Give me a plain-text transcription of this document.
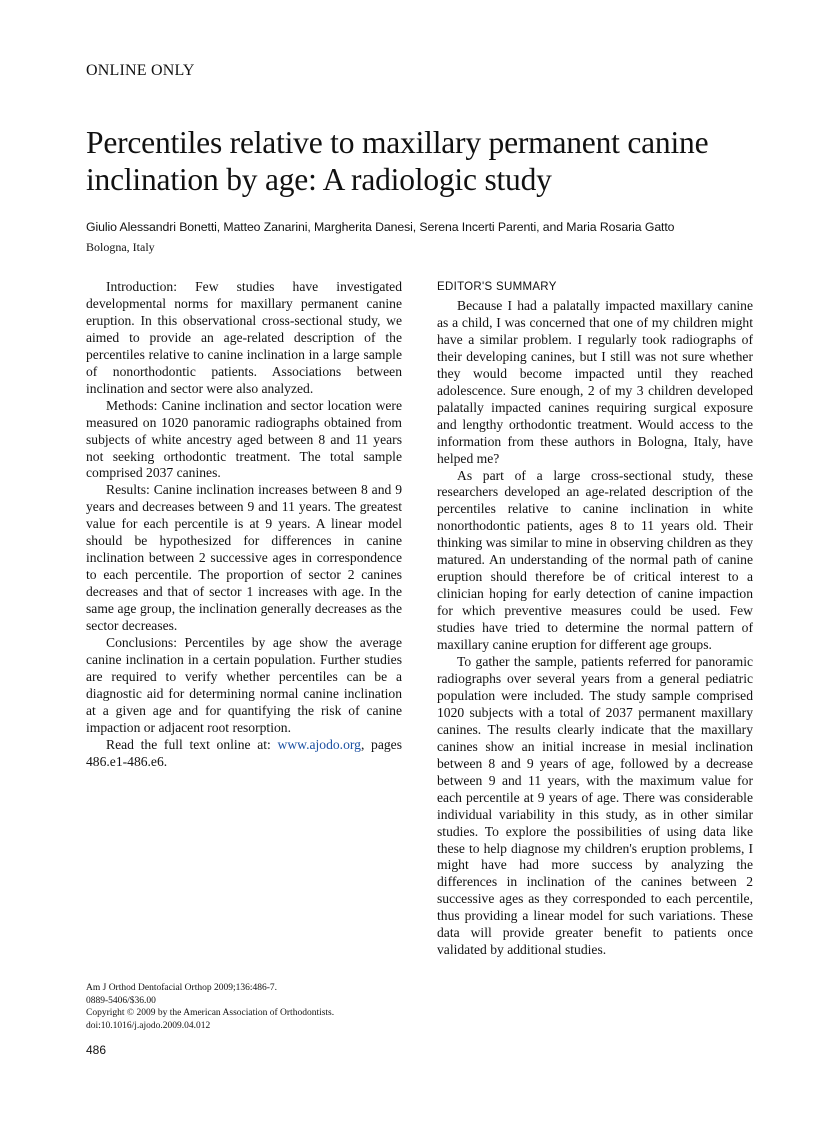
ONLINE ONLY
Percentiles relative to maxillary permanent canine inclination by age: A radiologic study
Giulio Alessandri Bonetti, Matteo Zanarini, Margherita Danesi, Serena Incerti Parenti, and Maria Rosaria Gatto
Bologna, Italy

Introduction: Few studies have investigated developmental norms for maxillary permanent canine eruption. In this observational cross-sectional study, we aimed to provide an age-related description of the percentiles relative to canine inclination in a large sample of nonorthodontic patients. Associations between inclination and sector were also analyzed.

Methods: Canine inclination and sector location were measured on 1020 panoramic radiographs obtained from subjects of white ancestry aged between 8 and 11 years not seeking orthodontic treatment. The total sample comprised 2037 canines.

Results: Canine inclination increases between 8 and 9 years and decreases between 9 and 11 years. The greatest value for each percentile is at 9 years. A linear model should be hypothesized for differences in canine inclination between 2 successive ages in correspondence to each percentile. The proportion of sector 2 canines decreases and that of sector 1 increases with age. In the same age group, the inclination generally decreases as the sector decreases.

Conclusions: Percentiles by age show the average canine inclination in a certain population. Further studies are required to verify whether percentiles can be a diagnostic aid for determining normal canine inclination at a given age and for quantifying the risk of canine impaction or adjacent root resorption.

Read the full text online at: www.ajodo.org, pages 486.e1-486.e6.

EDITOR'S SUMMARY

Because I had a palatally impacted maxillary canine as a child, I was concerned that one of my children might have a similar problem. I regularly took radiographs of their developing canines, but I still was not sure whether they would become impacted until they reached adolescence. Sure enough, 2 of my 3 children developed palatally impacted canines requiring surgical exposure and lengthy orthodontic treatment. Would access to the information from these authors in Bologna, Italy, have helped me?

As part of a large cross-sectional study, these researchers developed an age-related description of the percentiles relative to canine inclination in white nonorthodontic patients, ages 8 to 11 years old. Their thinking was similar to mine in observing children as they matured. An understanding of the normal path of canine eruption should therefore be of critical interest to a clinician hoping for early detection of canine impaction for which preventive measures could be used. Few studies have tried to determine the normal pattern of maxillary canine eruption for different age groups.

To gather the sample, patients referred for panoramic radiographs over several years from a general pediatric population were included. The study sample comprised 1020 subjects with a total of 2037 permanent maxillary canines. The results clearly indicate that the maxillary canines show an initial increase in mesial inclination between 8 and 9 years of age, followed by a decrease between 9 and 11 years, with the maximum value for each percentile at 9 years of age. There was considerable individual variability in this study, as in other similar studies. To explore the possibilities of using data like these to help diagnose my children's eruption problems, I might have had more success by analyzing the differences in inclination of the canines between 2 successive ages as they corresponded to each percentile, thus providing a linear model for such variations. These data will provide greater benefit to patients once validated by additional studies.

Am J Orthod Dentofacial Orthop 2009;136:486-7.
0889-5406/$36.00
Copyright © 2009 by the American Association of Orthodontists.
doi:10.1016/j.ajodo.2009.04.012
486
